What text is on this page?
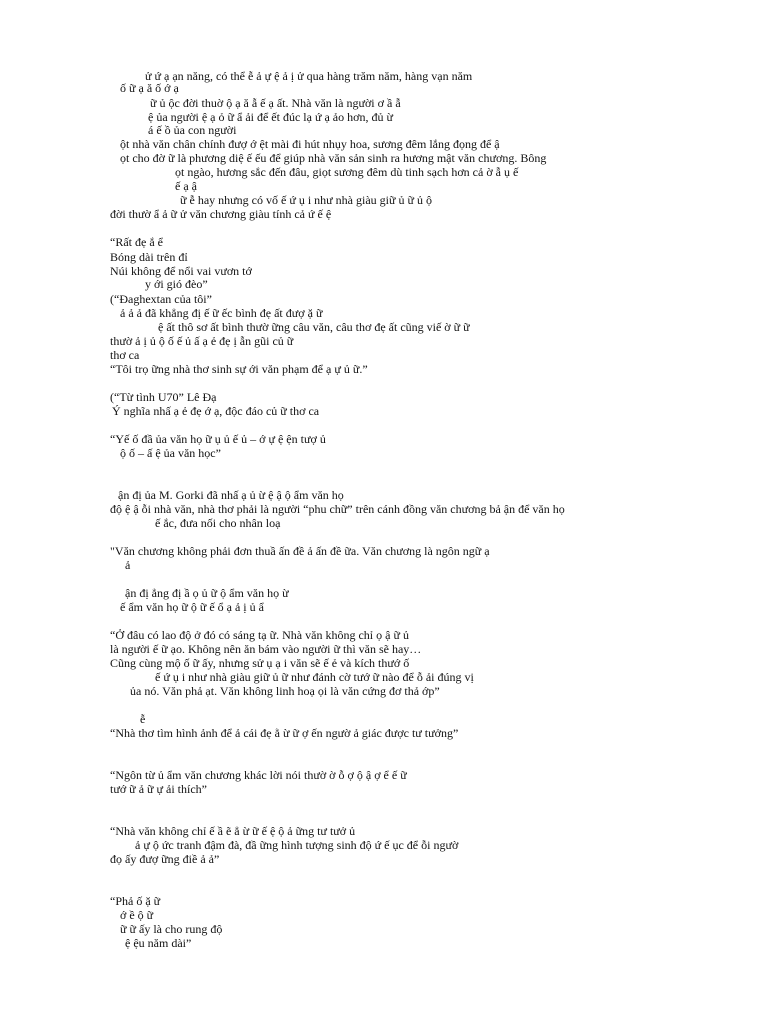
ử ứ ạ ạn năng, có thể ễ ả ự ệ ả ị ử qua hàng trăm năm, hàng vạn năm
ố ữ ạ ă ố ớ ạ
ữ ủ ộc đời thuờ ộ ạ ă ẫ ế ạ ất. Nhà văn là người ơ ầ ẫ
ệ ủa người ệ ạ ỏ ữ ẩ ải để ết đúc lạ ứ ạ ảo hơn, đủ ừ
á ế ồ ủa con người
ột nhà văn chân chính đượ ớ ệt mài đi hút nhụy hoa, sương đêm lắng đọng để ậ
ọt cho đờ ữ là phương diệ ế ếu để giúp nhà văn sản sinh ra hương mật văn chương. Bông
ọt ngào, hương sắc đến đâu, giọt sương đêm dù tinh sạch hơn cả ờ ẫ ụ ế
ế ạ ậ
ữ ễ hay nhưng có vố ế ứ ụ i như nhà giàu giữ ủ ữ ủ ộ
đời thườ ẩ ả ữ ử văn chương giàu tính cả ứ ế ệ
“Rất đẹ ắ ể
Bóng dài trên đỉ
Núi không để nổi vai vươn tớ
y ới gió đèo”
(“Đaghextan của tôi”
ả ả ả đã khẳng đị ế ữ ếc bình đẹ ất đượ ặ ữ
ệ ất thô sơ ất bình thườ ững câu văn, câu thơ đẹ ất cũng viế ờ ữ ữ
thườ ả ị ủ ộ ố ế ủ ấ ạ ẻ đẹ ị ẫn gũi củ ữ
thơ ca
“Tôi trọ ững nhà thơ sinh sự ới văn phạm để ạ ự ủ ữ.”
(“Từ tình U70” Lê Đạ
Ý nghĩa nhấ ạ ẻ đẹ ớ ạ, độc đáo củ ữ thơ ca
“Yế ố đầ ủa văn họ ữ ụ ủ ế ủ – ớ ự ệ ện tượ ủ
ộ ố – ấ ệ ủa văn học”
ận đị ủa M. Gorki đã nhấ ạ ủ ừ ệ ậ ộ ẩm văn họ
độ ệ ậ ỗi nhà văn, nhà thơ phải là người “phu chữ” trên cánh đồng văn chương bả ận để văn họ
ế ắc, đưa nối cho nhân loạ
"Văn chương không phải đơn thuầ ấn đề ả ấn đề ữa. Văn chương là ngôn ngữ ạ
ả
ận đị ẳng đị ầ ọ ủ ữ ộ ẩm văn họ ừ
ế ẩm văn họ ữ ộ ữ ế ổ ạ ả ị ủ ẩ
“Ở đâu có lao độ ở đó có sáng tạ ữ. Nhà văn không chỉ ọ ậ ữ ủ
là người ế ữ ạo. Không nên ăn bám vào người ữ thì văn sẽ hay…
Cũng cùng mộ ố ữ ấy, nhưng sử ụ ạ i văn sẽ ế ẻ và kích thướ ố
ế ứ ụ i như nhà giàu giữ ủ ữ như đánh cờ tướ ữ nào để ỗ ải đúng vị
ủa nó. Văn phả ạt. Văn không linh hoạ ọi là văn cứng đơ thả ớp”
ễ
“Nhà thơ tìm hình ảnh để ả cái đẹ ằ ừ ữ ợ ến ngườ ả giác được tư tưởng”
“Ngôn từ ủ ẩm văn chương khác lời nói thườ ờ ỗ ợ ộ ậ ợ ể ế ữ
tướ ữ ả ữ ự ải thích”
“Nhà văn không chỉ ế ầ ẽ ẳ ừ ữ ế ệ ộ ả ững tư tưở ủ
ả ự ộ ức tranh đậm đà, đầ ững hình tượng sinh độ ứ ế ục để ỗi ngườ
đọ ấy đượ ững điề ả ả”
“Phả ố ặ ữ
ớ ề ộ ữ
ữ ữ ấy là cho rung độ
ệ ệu năm dài”
